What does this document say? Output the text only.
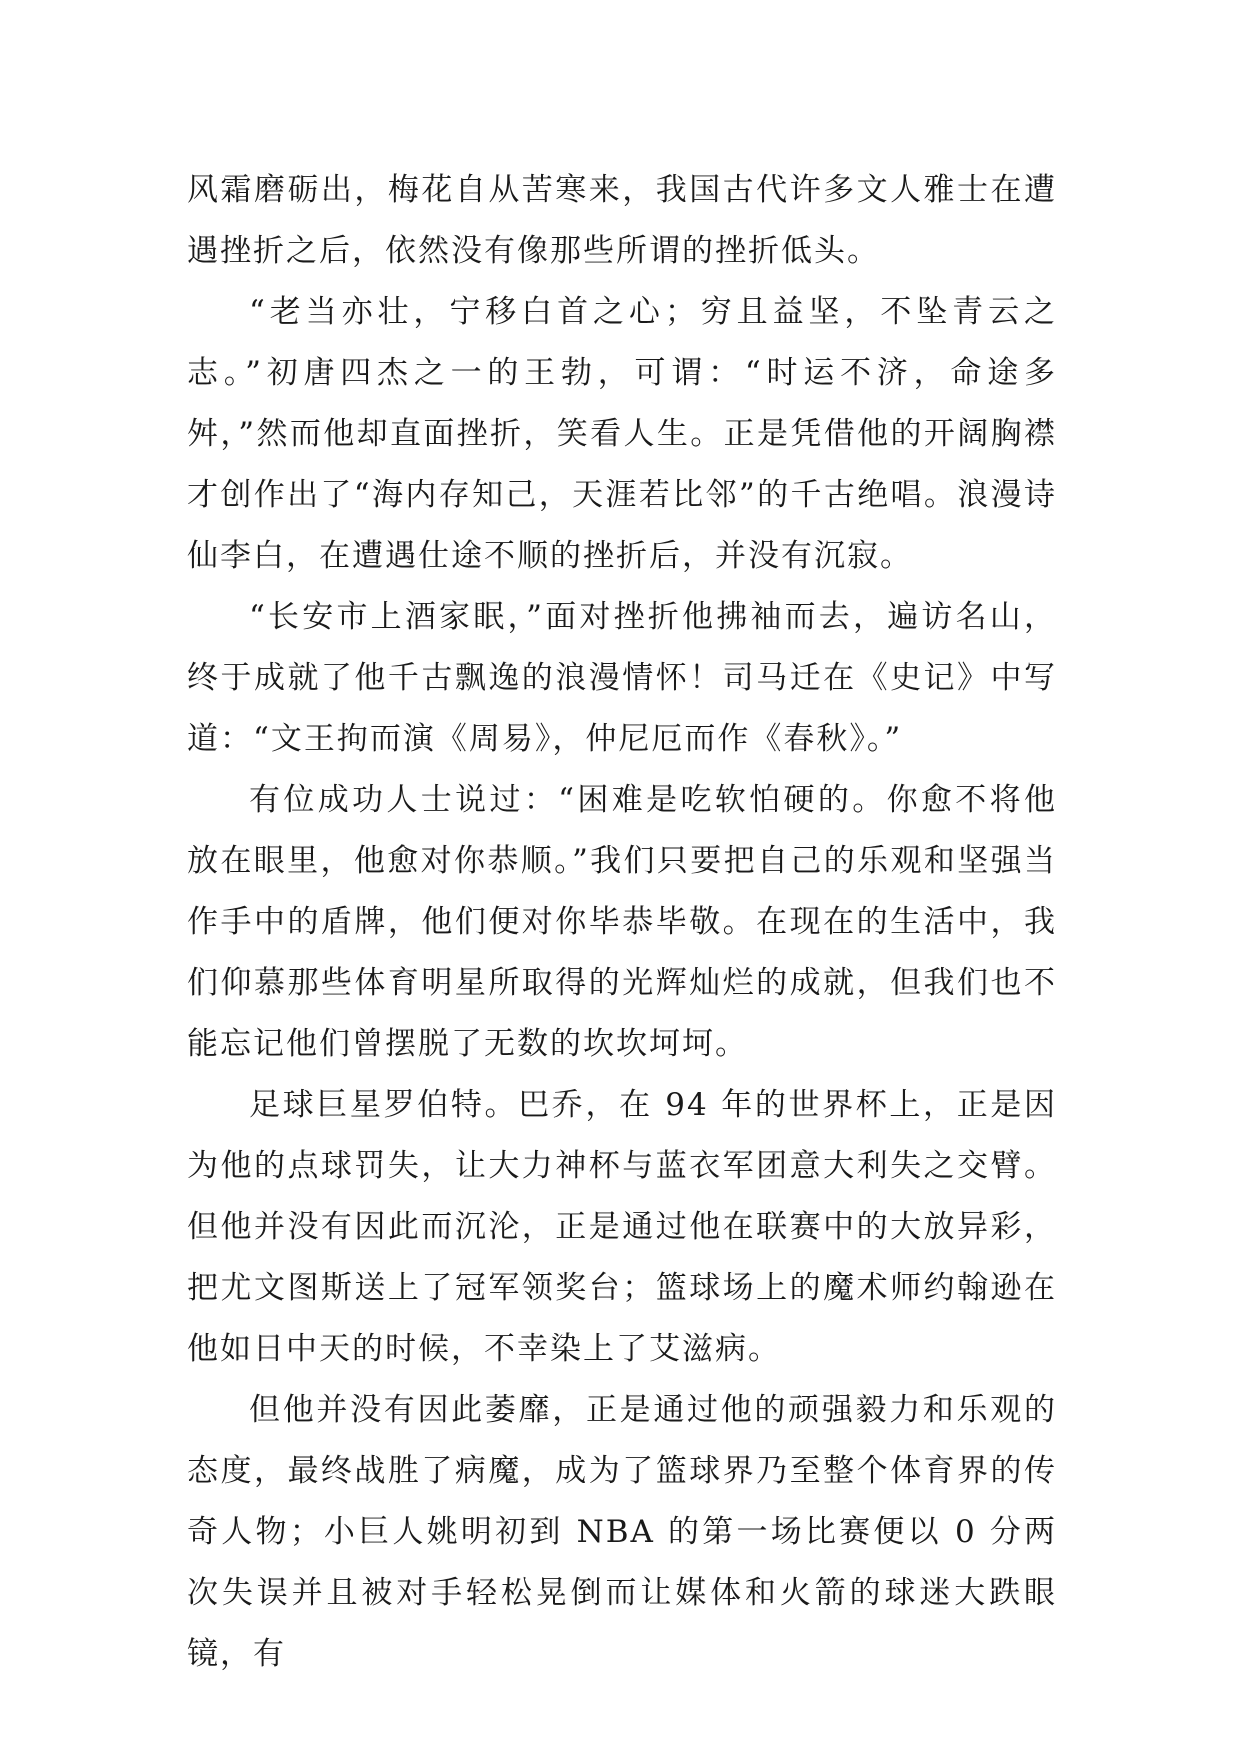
风霜磨砺出，梅花自从苦寒来，我国古代许多文人雅士在遭遇挫折之后，依然没有像那些所谓的挫折低头。

“老当亦壮，宁移白首之心；穷且益坚，不坠青云之志。”初唐四杰之一的王勃，可谓：“时运不济，命途多舛，”然而他却直面挫折，笑看人生。正是凭借他的开阔胸襟才创作出了“海内存知己，天涯若比邻”的千古绝唱。浪漫诗仙李白，在遭遇仕途不顺的挫折后，并没有沉寂。

“长安市上酒家眠，”面对挫折他拂袖而去，遍访名山，终于成就了他千古飘逸的浪漫情怀！司马迁在《史记》中写道：“文王拘而演《周易》，仲尼厄而作《春秋》。”

有位成功人士说过：“困难是吃软怕硬的。你愈不将他放在眼里，他愈对你恭顺。”我们只要把自己的乐观和坚强当作手中的盾牌，他们便对你毕恭毕敬。在现在的生活中，我们仰慕那些体育明星所取得的光辉灿烂的成就，但我们也不能忘记他们曾摆脱了无数的坎坎坷坷。

足球巨星罗伯特。巴乔，在 94 年的世界杯上，正是因为他的点球罚失，让大力神杯与蓝衣军团意大利失之交臂。但他并没有因此而沉沦，正是通过他在联赛中的大放异彩，把尤文图斯送上了冠军领奖台；篮球场上的魔术师约翰逊在他如日中天的时候，不幸染上了艾滋病。

但他并没有因此萎靡，正是通过他的顽强毅力和乐观的态度，最终战胜了病魔，成为了篮球界乃至整个体育界的传奇人物；小巨人姚明初到 NBA 的第一场比赛便以 0 分两次失误并且被对手轻松晃倒而让媒体和火箭的球迷大跌眼镜，有
